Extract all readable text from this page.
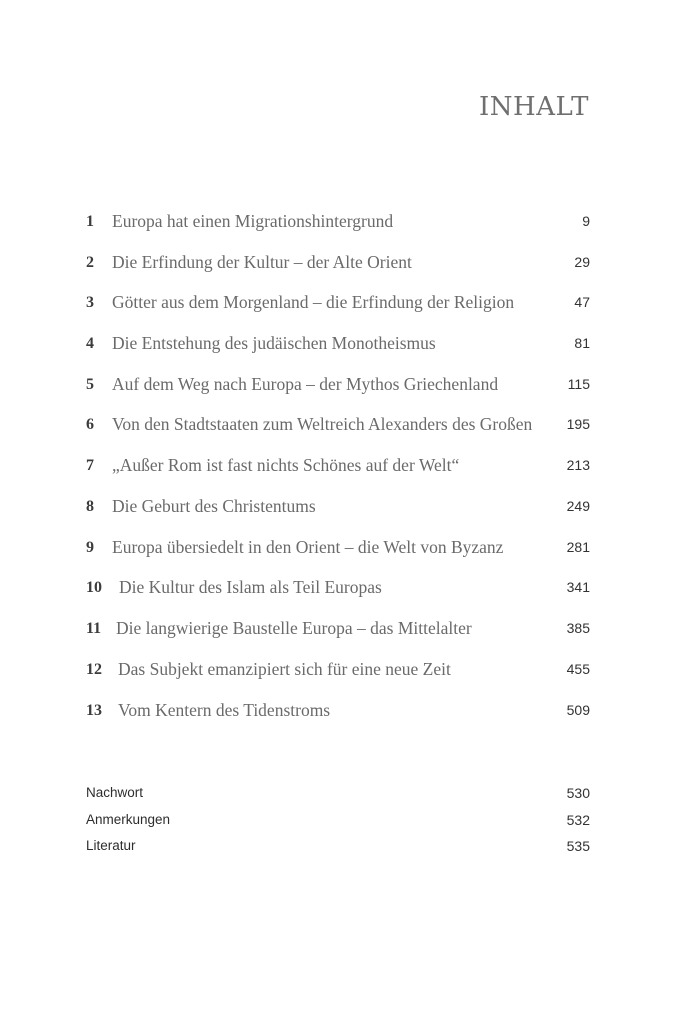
INHALT
1 Europa hat einen Migrationshintergrund	9
2 Die Erfindung der Kultur – der Alte Orient	29
3 Götter aus dem Morgenland – die Erfindung der Religion	47
4 Die Entstehung des judäischen Monotheismus	81
5 Auf dem Weg nach Europa – der Mythos Griechenland	115
6 Von den Stadtstaaten zum Weltreich Alexanders des Großen 195
7 „Außer Rom ist fast nichts Schönes auf der Welt“	213
8 Die Geburt des Christentums	249
9 Europa übersiedelt in den Orient – die Welt von Byzanz	281
10 Die Kultur des Islam als Teil Europas	341
11 Die langwierige Baustelle Europa – das Mittelalter	385
12 Das Subjekt emanzipiert sich für eine neue Zeit	455
13 Vom Kentern des Tidenstroms	509
Nachwort	530
Anmerkungen	532
Literatur	535
